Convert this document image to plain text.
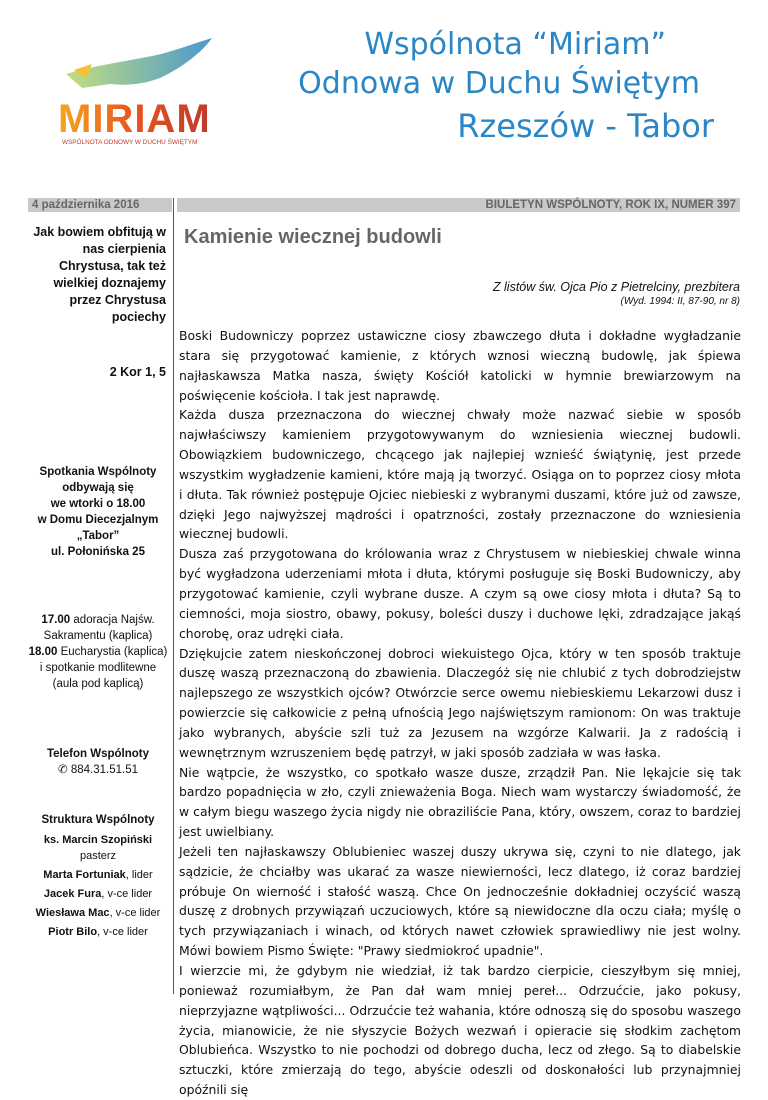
MIRIAM
WSPÓLNOTA ODNOWY W DUCHU ŚWIĘTYM
Wspólnota “Miriam”
Odnowa w Duchu Świętym
Rzeszów - Tabor
4 października 2016	BIULETYN WSPÓLNOTY, ROK IX, NUMER 397
Jak bowiem obfitują w nas cierpienia Chrystusa, tak też wielkiej doznajemy przez Chrystusa pociechy
2 Kor 1, 5
Spotkania Wspólnoty
odbywają się
we wtorki o 18.00
w Domu Diecezjalnym
„Tabor”
ul. Połonińska 25
17.00 adoracja Najśw.
Sakramentu (kaplica)
18.00 Eucharystia (kaplica)
i spotkanie modlitewne
(aula pod kaplicą)
Telefon Wspólnoty
✆ 884.31.51.51
Struktura Wspólnoty
ks. Marcin Szopiński
pasterz
Marta Fortuniak, lider
Jacek Fura, v-ce lider
Wiesława Mac, v-ce lider
Piotr Bilo, v-ce lider
Kamienie wiecznej budowli
Z listów św. Ojca Pio z Pietrelciny, prezbitera
(Wyd. 1994: II, 87-90, nr 8)

Boski Budowniczy poprzez ustawiczne ciosy zbawczego dłuta i dokładne wygładzanie stara się przygotować kamienie, z których wznosi wieczną budowlę, jak śpiewa najłaskawsza Matka nasza, święty Kościół katolicki w hymnie brewiarzowym na poświęcenie kościoła. I tak jest naprawdę.

Każda dusza przeznaczona do wiecznej chwały może nazwać siebie w sposób najwłaściwszy kamieniem przygotowywanym do wzniesienia wiecznej budowli. Obowiązkiem budowniczego, chcącego jak najlepiej wznieść świątynię, jest przede wszystkim wygładzenie kamieni, które mają ją tworzyć. Osiąga on to poprzez ciosy młota i dłuta. Tak również postępuje Ojciec niebieski z wybranymi duszami, które już od zawsze, dzięki Jego najwyższej mądrości i opatrzności, zostały przeznaczone do wzniesienia wiecznej budowli.

Dusza zaś przygotowana do królowania wraz z Chrystusem w niebieskiej chwale winna być wygładzona uderzeniami młota i dłuta, którymi posługuje się Boski Budowniczy, aby przygotować kamienie, czyli wybrane dusze. A czym są owe ciosy młota i dłuta? Są to ciemności, moja siostro, obawy, pokusy, boleści duszy i duchowe lęki, zdradzające jakąś chorobę, oraz udręki ciała.

Dziękujcie zatem nieskończonej dobroci wiekuistego Ojca, który w ten sposób traktuje duszę waszą przeznaczoną do zbawienia. Dlaczegóż się nie chlubić z tych dobrodziejstw najlepszego ze wszystkich ojców? Otwórzcie serce owemu niebieskiemu Lekarzowi dusz i powierzcie się całkowicie z pełną ufnością Jego najświętszym ramionom: On was traktuje jako wybranych, abyście szli tuż za Jezusem na wzgórze Kalwarii. Ja z radością i wewnętrznym wzruszeniem będę patrzył, w jaki sposób zadziała w was łaska.

Nie wątpcie, że wszystko, co spotkało wasze dusze, zrządził Pan. Nie lękajcie się tak bardzo popadnięcia w zło, czyli znieważenia Boga. Niech wam wystarczy świadomość, że w całym biegu waszego życia nigdy nie obraziliście Pana, który, owszem, coraz to bardziej jest uwielbiany.

Jeżeli ten najłaskawszy Oblubieniec waszej duszy ukrywa się, czyni to nie dlatego, jak sądzicie, że chciałby was ukarać za wasze niewierności, lecz dlatego, iż coraz bardziej próbuje On wierność i stałość waszą. Chce On jednocześnie dokładniej oczyścić waszą duszę z drobnych przywiązań uczuciowych, które są niewidoczne dla oczu ciała; myślę o tych przywiązaniach i winach, od których nawet człowiek sprawiedliwy nie jest wolny. Mówi bowiem Pismo Święte: "Prawy siedmiokroć upadnie".

I wierzcie mi, że gdybym nie wiedział, iż tak bardzo cierpicie, cieszyłbym się mniej, ponieważ rozumiałbym, że Pan dał wam mniej pereł... Odrzućcie, jako pokusy, nieprzyjazne wątpliwości... Odrzućcie też wahania, które odnoszą się do sposobu waszego życia, mianowicie, że nie słyszycie Bożych wezwań i opieracie się słodkim zachętom Oblubieńca. Wszystko to nie pochodzi od dobrego ducha, lecz od złego. Są to diabelskie sztuczki, które zmierzają do tego, abyście odeszli od doskonałości lub przynajmniej opóźnili się
